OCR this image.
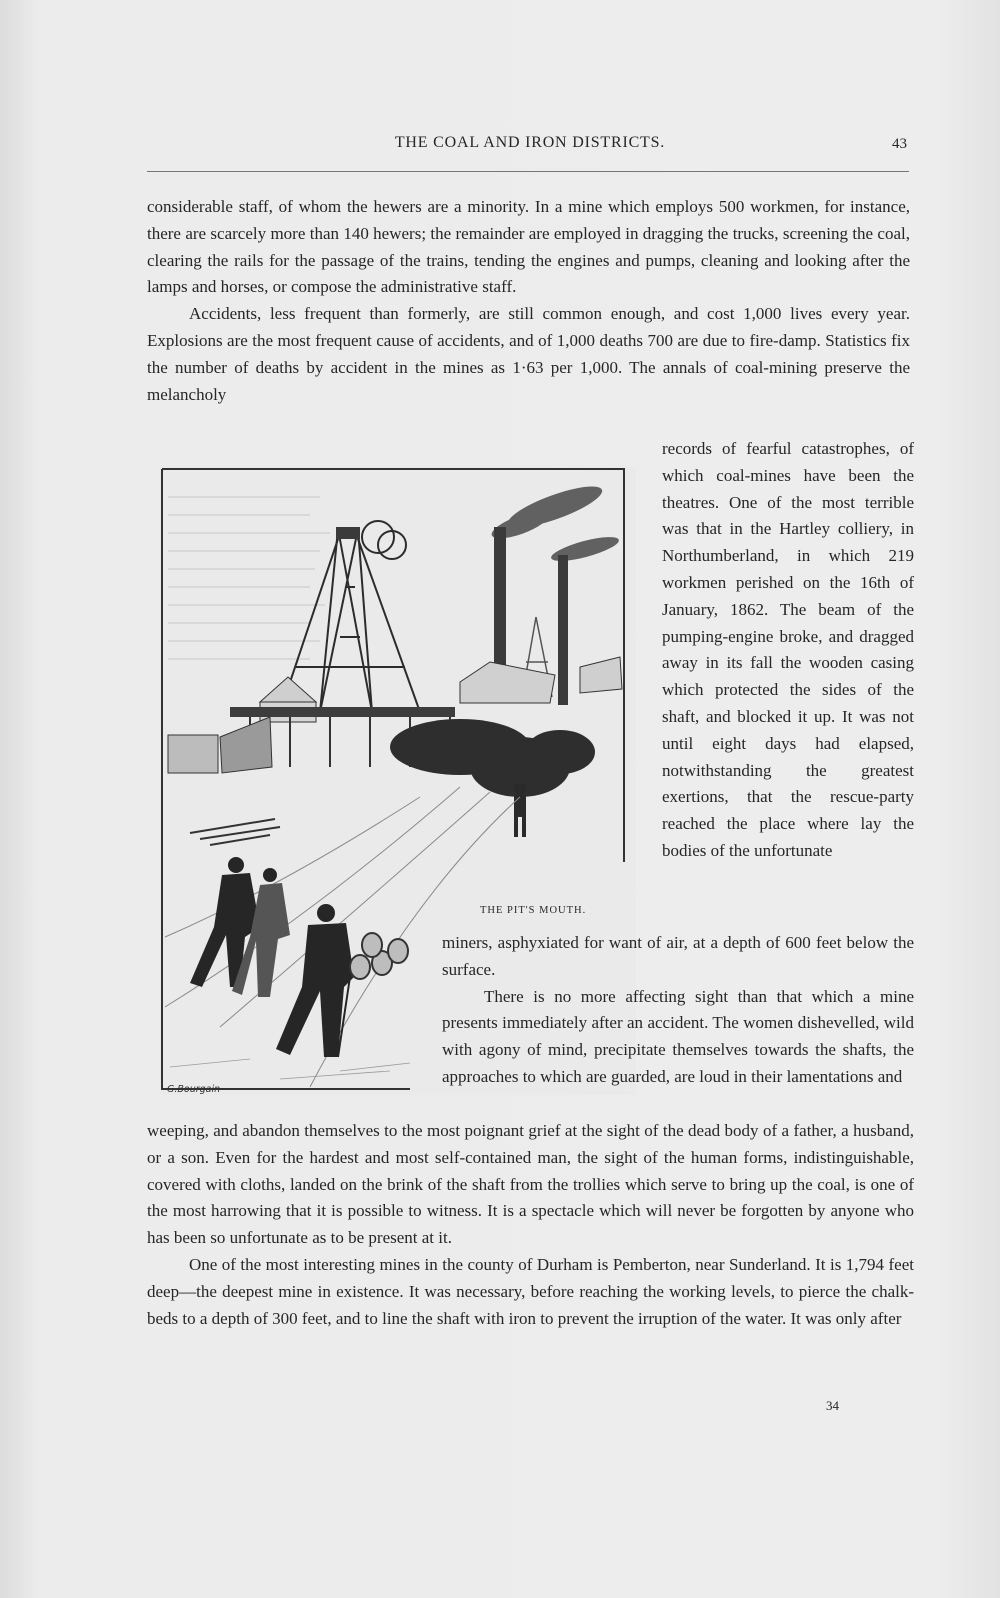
THE COAL AND IRON DISTRICTS.	43

considerable staff, of whom the hewers are a minority. In a mine which employs 500 workmen, for instance, there are scarcely more than 140 hewers; the remainder are employed in dragging the trucks, screening the coal, clearing the rails for the passage of the trains, tending the engines and pumps, cleaning and looking after the lamps and horses, or compose the administrative staff.

Accidents, less frequent than formerly, are still common enough, and cost 1,000 lives every year. Explosions are the most frequent cause of accidents, and of 1,000 deaths 700 are due to fire-damp. Statistics fix the number of deaths by accident in the mines as 1·63 per 1,000. The annals of coal-mining preserve the melancholy

records of fearful catastrophes, of which coal-mines have been the theatres. One of the most terrible was that in the Hartley colliery, in Northumberland, in which 219 workmen perished on the 16th of January, 1862. The beam of the pumping-engine broke, and dragged away in its fall the wooden casing which protected the sides of the shaft, and blocked it up. It was not until eight days had elapsed, notwithstanding the greatest exertions, that the rescue-party reached the place where lay the bodies of the unfortunate

THE PIT'S MOUTH.
G.Bourgain

miners, asphyxiated for want of air, at a depth of 600 feet below the surface.

There is no more affecting sight than that which a mine presents immediately after an accident. The women dishevelled, wild with agony of mind, precipitate themselves towards the shafts, the approaches to which are guarded, are loud in their lamentations and

weeping, and abandon themselves to the most poignant grief at the sight of the dead body of a father, a husband, or a son. Even for the hardest and most self-contained man, the sight of the human forms, indistinguishable, covered with cloths, landed on the brink of the shaft from the trollies which serve to bring up the coal, is one of the most harrowing that it is possible to witness. It is a spectacle which will never be forgotten by anyone who has been so unfortunate as to be present at it.

One of the most interesting mines in the county of Durham is Pemberton, near Sunderland. It is 1,794 feet deep—the deepest mine in existence. It was necessary, before reaching the working levels, to pierce the chalk-beds to a depth of 300 feet, and to line the shaft with iron to prevent the irruption of the water. It was only after

34
